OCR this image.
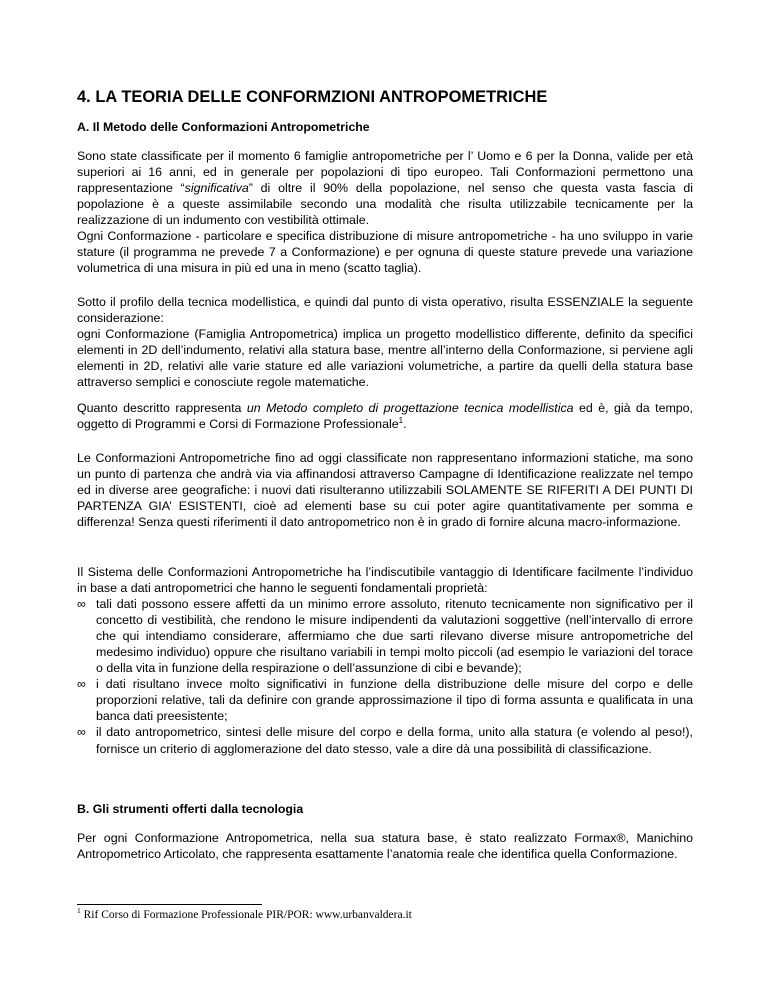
4. LA TEORIA DELLE CONFORMZIONI ANTROPOMETRICHE
A. Il Metodo delle Conformazioni Antropometriche

Sono state classificate per il momento 6 famiglie antropometriche per l’ Uomo e 6 per la Donna, valide per età superiori ai 16 anni, ed in generale per popolazioni di tipo europeo. Tali Conformazioni permettono una rappresentazione “significativa” di oltre il 90% della popolazione, nel senso che questa vasta fascia di popolazione è a queste assimilabile secondo una modalità che risulta utilizzabile tecnicamente per la realizzazione di un indumento con vestibilità ottimale.

Ogni Conformazione - particolare e specifica distribuzione di misure antropometriche - ha uno sviluppo in varie stature (il programma ne prevede 7 a Conformazione) e per ognuna di queste stature prevede una variazione volumetrica di una misura in più ed una in meno (scatto taglia).

Sotto il profilo della tecnica modellistica, e quindi dal punto di vista operativo, risulta ESSENZIALE la seguente considerazione:

ogni Conformazione (Famiglia Antropometrica) implica un progetto modellistico differente, definito da specifici elementi in 2D dell’indumento, relativi alla statura base, mentre all’interno della Conformazione, si perviene agli elementi in 2D, relativi alle varie stature ed alle variazioni volumetriche, a partire da quelli della statura base attraverso semplici e conosciute regole matematiche.

Quanto descritto rappresenta un Metodo completo di progettazione tecnica modellistica ed è, già da tempo, oggetto di Programmi e Corsi di Formazione Professionale$^1$.

Le Conformazioni Antropometriche fino ad oggi classificate non rappresentano informazioni statiche, ma sono un punto di partenza che andrà via via affinandosi attraverso Campagne di Identificazione realizzate nel tempo ed in diverse aree geografiche: i nuovi dati risulteranno utilizzabili SOLAMENTE SE RIFERITI A DEI PUNTI DI PARTENZA GIA’ ESISTENTI, cioè ad elementi base su cui poter agire quantitativamente per somma e differenza! Senza questi riferimenti il dato antropometrico non è in grado di fornire alcuna macro-informazione.

Il Sistema delle Conformazioni Antropometriche ha l’indiscutibile vantaggio di Identificare facilmente l’individuo in base a dati antropometrici che hanno le seguenti fondamentali proprietà:

∞ tali dati possono essere affetti da un minimo errore assoluto, ritenuto tecnicamente non significativo per il concetto di vestibilità, che rendono le misure indipendenti da valutazioni soggettive (nell’intervallo di errore che qui intendiamo considerare, affermiamo che due sarti rilevano diverse misure antropometriche del medesimo individuo) oppure che risultano variabili in tempi molto piccoli (ad esempio le variazioni del torace o della vita in funzione della respirazione o dell’assunzione di cibi e bevande);
∞ i dati risultano invece molto significativi in funzione della distribuzione delle misure del corpo e delle proporzioni relative, tali da definire con grande approssimazione il tipo di forma assunta e qualificata in una banca dati preesistente;
∞ il dato antropometrico, sintesi delle misure del corpo e della forma, unito alla statura (e volendo al peso!), fornisce un criterio di agglomerazione del dato stesso, vale a dire dà una possibilità di classificazione.
B. Gli strumenti offerti dalla tecnologia

Per ogni Conformazione Antropometrica, nella sua statura base, è stato realizzato Formax®, Manichino Antropometrico Articolato, che rappresenta esattamente l’anatomia reale che identifica quella Conformazione.

$^1$ Rif Corso di Formazione Professionale PIR/POR: www.urbanvaldera.it
